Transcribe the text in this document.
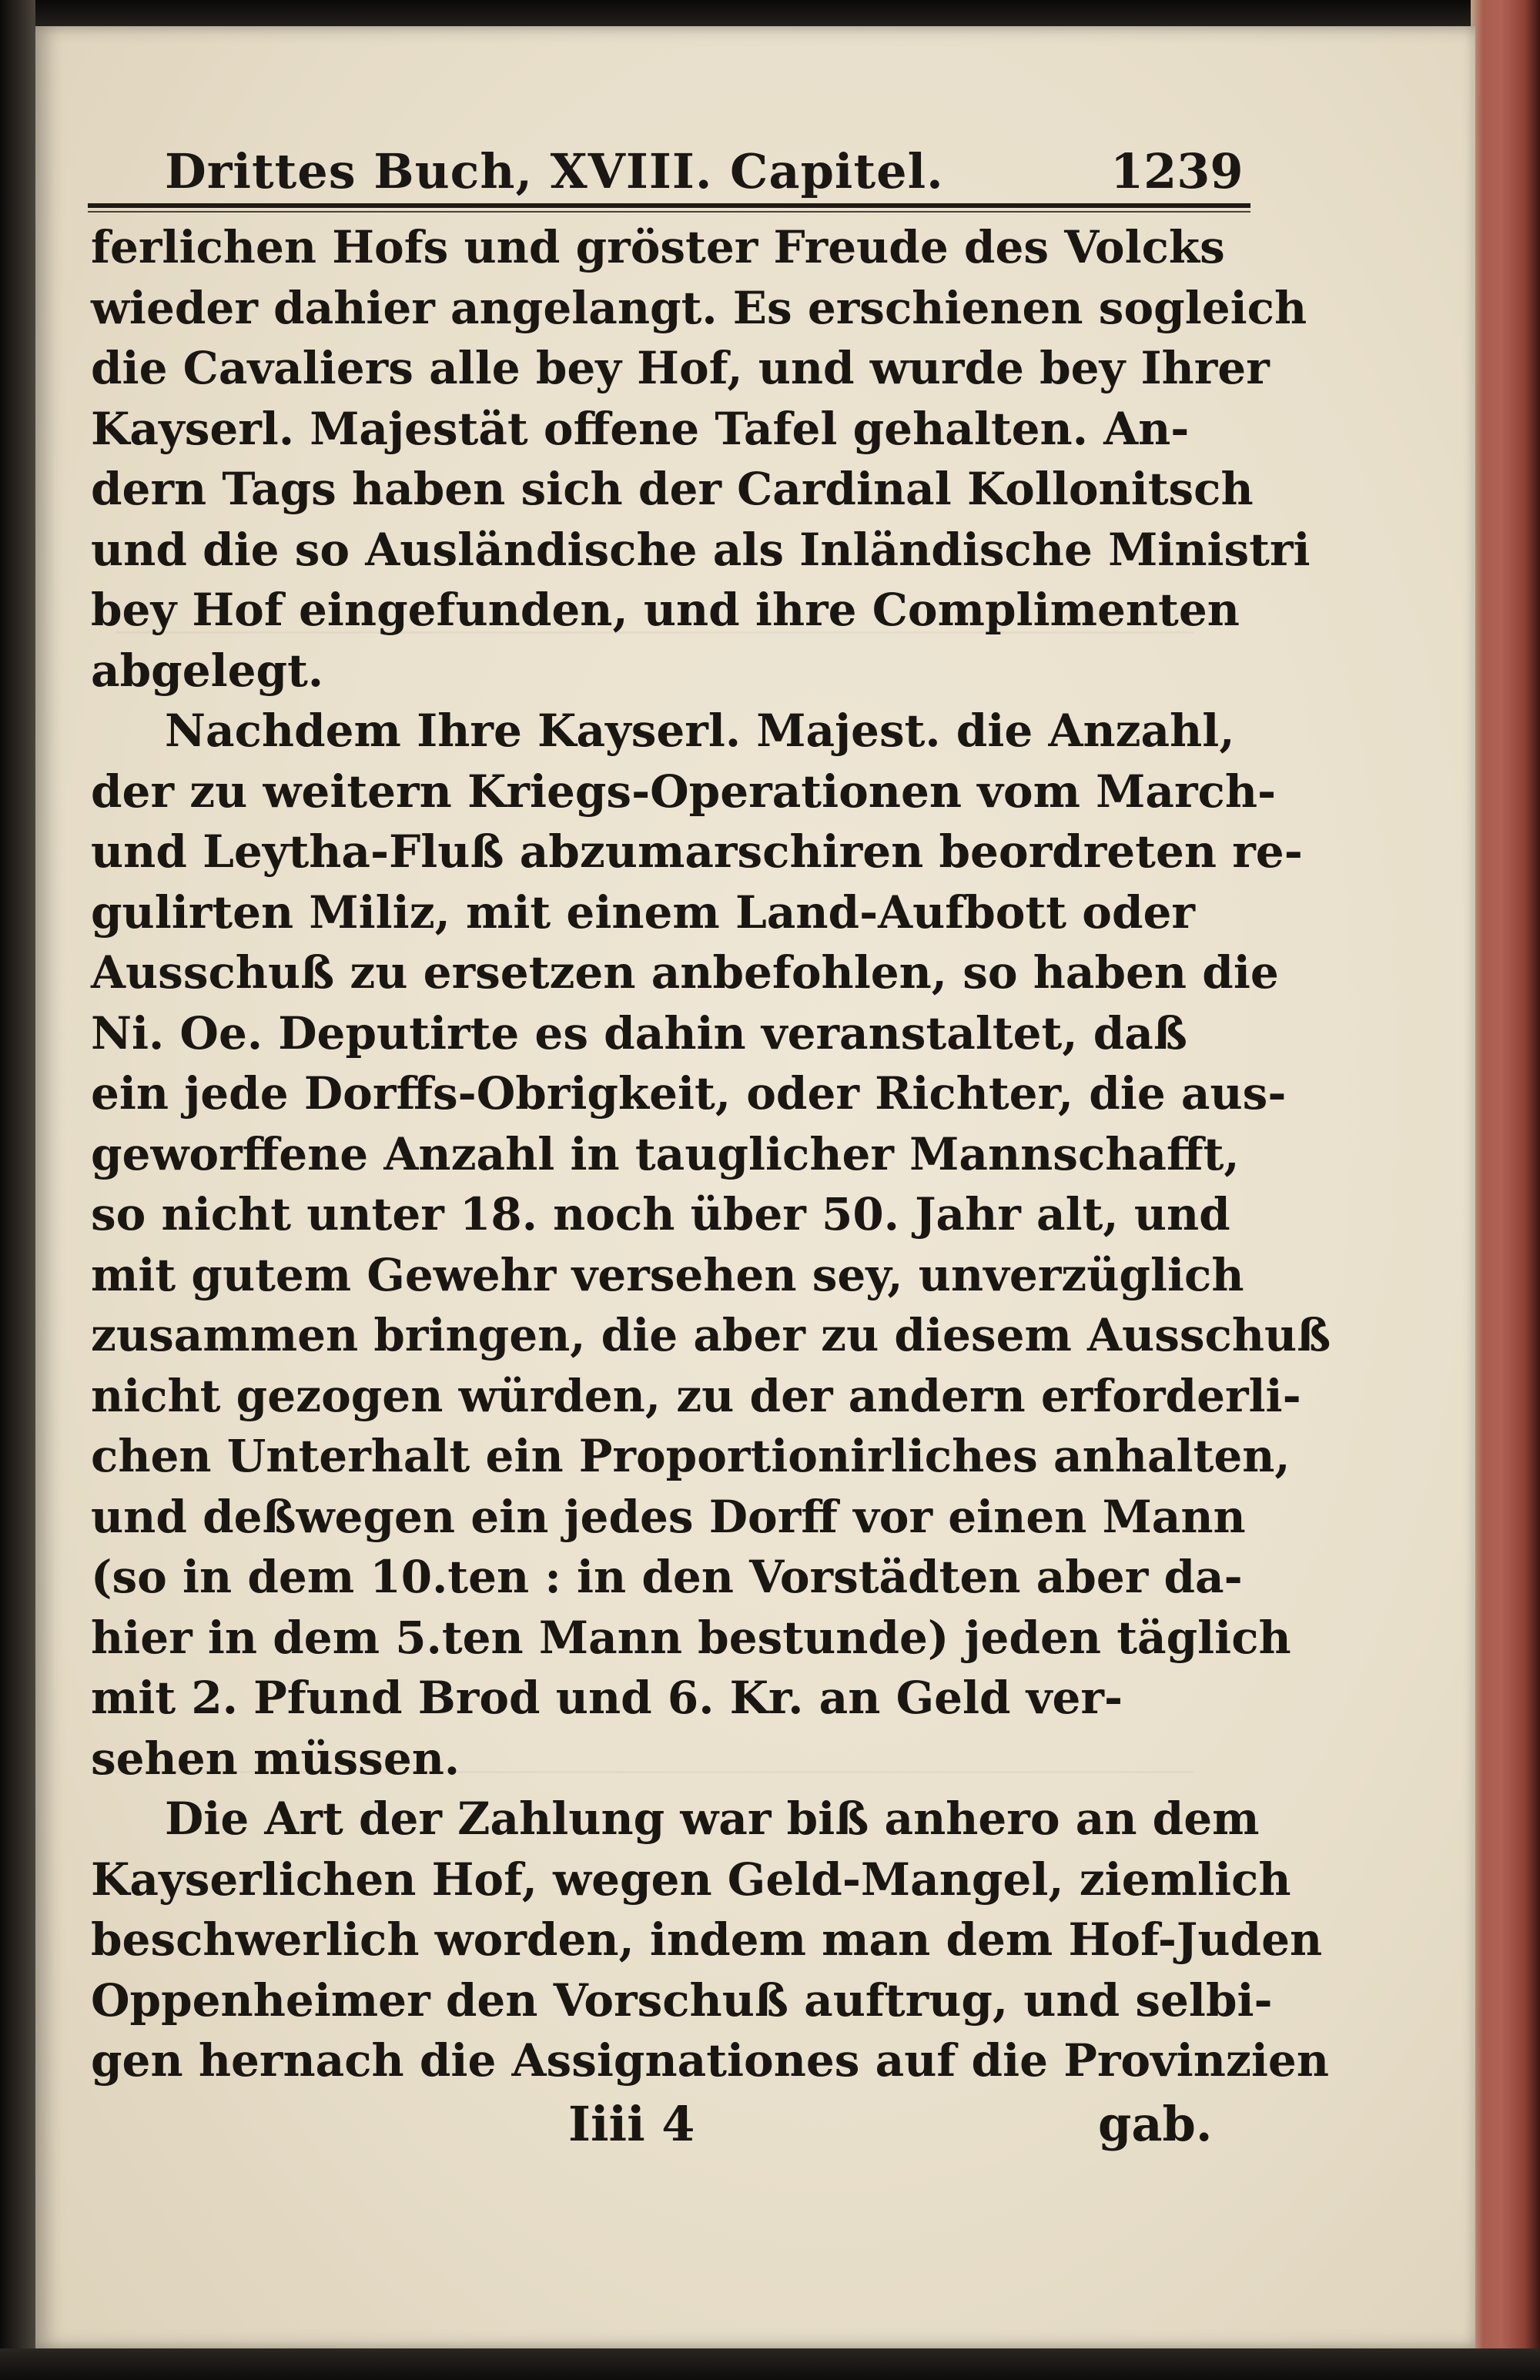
Drittes Buch, XVIII. Capitel.	1239
ferlichen Hofs und gröster Freude des Volcks
wieder dahier angelangt. Es erschienen sogleich
die Cavaliers alle bey Hof, und wurde bey Ihrer
Kayserl. Majestät offene Tafel gehalten. An-
dern Tags haben sich der Cardinal Kollonitsch
und die so Ausländische als Inländische Ministri
bey Hof eingefunden, und ihre Complimenten
abgelegt.
Nachdem Ihre Kayserl. Majest. die Anzahl,
der zu weitern Kriegs-Operationen vom March-
und Leytha-Fluß abzumarschiren beordreten re-
gulirten Miliz, mit einem Land-Aufbott oder
Ausschuß zu ersetzen anbefohlen, so haben die
Ni. Oe. Deputirte es dahin veranstaltet, daß
ein jede Dorffs-Obrigkeit, oder Richter, die aus-
geworffene Anzahl in tauglicher Mannschafft,
so nicht unter 18. noch über 50. Jahr alt, und
mit gutem Gewehr versehen sey, unverzüglich
zusammen bringen, die aber zu diesem Ausschuß
nicht gezogen würden, zu der andern erforderli-
chen Unterhalt ein Proportionirliches anhalten,
und deßwegen ein jedes Dorff vor einen Mann
(so in dem 10.ten : in den Vorstädten aber da-
hier in dem 5.ten Mann bestunde) jeden täglich
mit 2. Pfund Brod und 6. Kr. an Geld ver-
sehen müssen.
Die Art der Zahlung war biß anhero an dem
Kayserlichen Hof, wegen Geld-Mangel, ziemlich
beschwerlich worden, indem man dem Hof-Juden
Oppenheimer den Vorschuß auftrug, und selbi-
gen hernach die Assignationes auf die Provinzien
Iiii 4	gab.
